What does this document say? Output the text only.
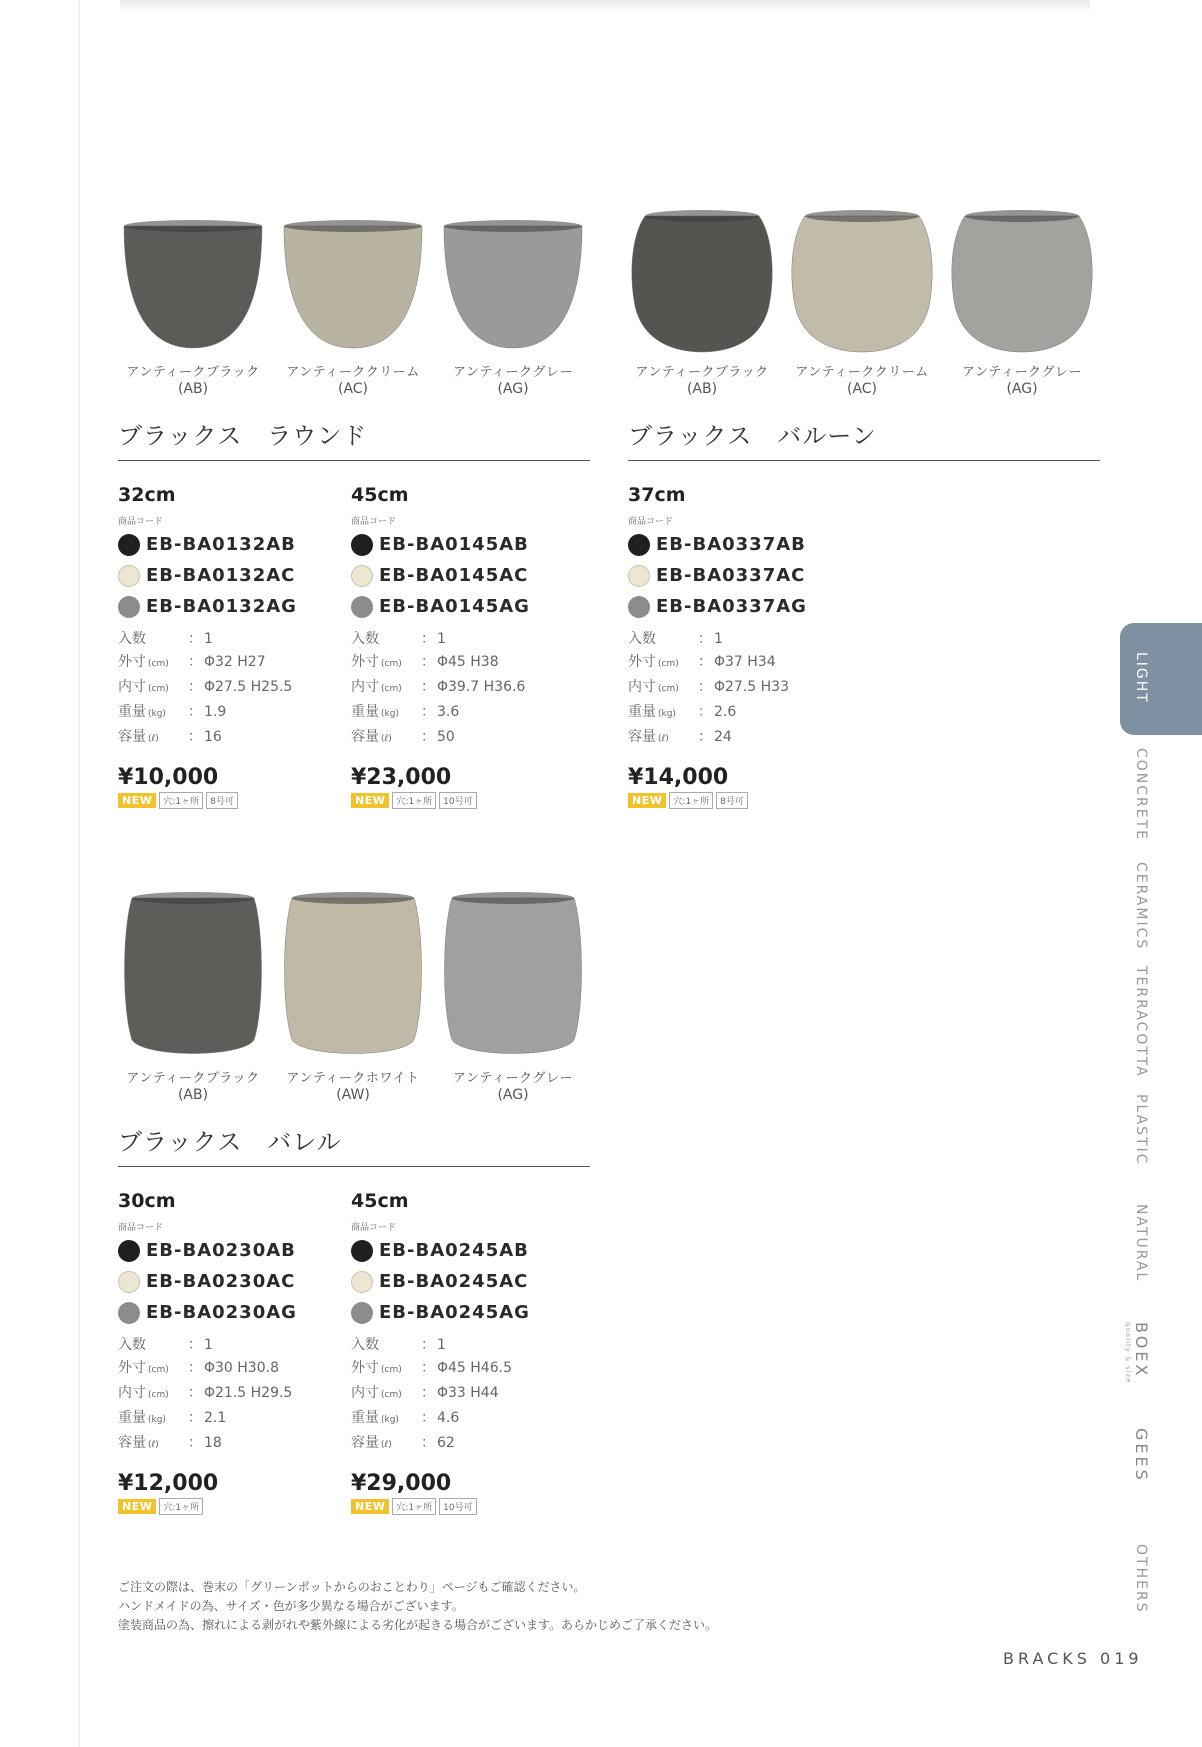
アンティークブラック
(AB)
アンティーククリーム
(AC)
アンティークグレー
(AG)
ブラックス　ラウンド
32cm
商品コード
EB-BA0132AB
EB-BA0132AC
EB-BA0132AG
入数	： 1
外寸 (cm) ： Φ32 H27
内寸 (cm) ： Φ27.5 H25.5
重量 (kg) ： 1.9
容量 (ℓ) ： 16
¥10,000
NEW	穴:1ヶ所	8号可
45cm
商品コード
EB-BA0145AB
EB-BA0145AC
EB-BA0145AG
入数	： 1
外寸 (cm) ： Φ45 H38
内寸 (cm) ： Φ39.7 H36.6
重量 (kg) ： 3.6
容量 (ℓ) ： 50
¥23,000
NEW	穴:1ヶ所	10号可
アンティークブラック
(AB)
アンティーククリーム
(AC)
アンティークグレー
(AG)
ブラックス　バルーン
37cm
商品コード
EB-BA0337AB
EB-BA0337AC
EB-BA0337AG
入数	： 1
外寸 (cm) ： Φ37 H34
内寸 (cm) ： Φ27.5 H33
重量 (kg) ： 2.6
容量 (ℓ) ： 24
¥14,000
NEW	穴:1ヶ所	8号可
アンティークブラック
(AB)
アンティークホワイト
(AW)
アンティークグレー
(AG)
ブラックス　バレル
30cm
商品コード
EB-BA0230AB
EB-BA0230AC
EB-BA0230AG
入数	： 1
外寸 (cm) ： Φ30 H30.8
内寸 (cm) ： Φ21.5 H29.5
重量 (kg) ： 2.1
容量 (ℓ) ： 18
¥12,000
NEW	穴:1ヶ所
45cm
商品コード
EB-BA0245AB
EB-BA0245AC
EB-BA0245AG
入数	： 1
外寸 (cm) ： Φ45 H46.5
内寸 (cm) ： Φ33 H44
重量 (kg) ： 4.6
容量 (ℓ) ： 62
¥29,000
NEW	穴:1ヶ所	10号可
LIGHT
CONCRETE
CERAMICS
TERRACOTTA
PLASTIC
NATURAL
BOEX
quality & size
GEES
OTHERS
ご注文の際は、巻末の「グリーンポットからのおことわり」ページもご確認ください。
ハンドメイドの為、サイズ・色が多少異なる場合がございます。
塗装商品の為、擦れによる剥がれや紫外線による劣化が起きる場合がございます。あらかじめご了承ください。
BRACKS 019
